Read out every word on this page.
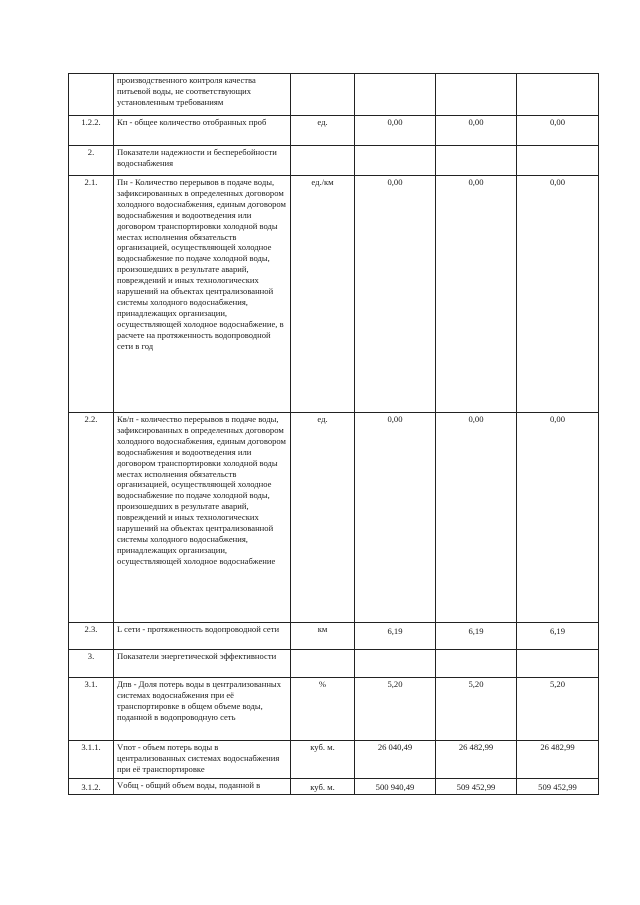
	производственного контроля качества питьевой воды, не соответствующих установленным требованиям				
1.2.2.	Кп - общее количество отобранных проб	ед.	0,00	0,00	0,00
2.	Показатели надежности и бесперебойности водоснабжения				
2.1.	Пн - Количество перерывов в подаче воды, зафиксированных в определенных договором холодного водоснабжения, единым договором водоснабжения и водоотведения или договором транспортировки холодной воды местах исполнения обязательств организацией, осуществляющей холодное водоснабжение по подаче холодной воды, произошедших в результате аварий, повреждений и иных технологических нарушений на объектах централизованной системы холодного водоснабжения, принадлежащих организации, осуществляющей холодное водоснабжение, в расчете на протяженность водопроводной сети в год	ед./км	0,00	0,00	0,00
2.2.	Кв/п - количество перерывов в подаче воды, зафиксированных в определенных договором холодного водоснабжения, единым договором водоснабжения и водоотведения или договором транспортировки холодной воды местах исполнения обязательств организацией, осуществляющей холодное водоснабжение по подаче холодной воды, произошедших в результате аварий, повреждений и иных технологических нарушений на объектах централизованной системы холодного водоснабжения, принадлежащих организации, осуществляющей холодное водоснабжение	ед.	0,00	0,00	0,00
2.3.	L сети - протяженность водопроводной сети	км	6,19	6,19	6,19
3.	Показатели энергетической эффективности				
3.1.	Дпв - Доля потерь воды в централизованных системах водоснабжения при её транспортировке в общем объеме воды, поданной в водопроводную сеть	%	5,20	5,20	5,20
3.1.1.	Vпот - объем потерь воды в централизованных системах водоснабжения при её транспортировке	куб. м.	26 040,49	26 482,99	26 482,99
3.1.2.	Vобщ - общий объем воды, поданной в	куб. м.	500 940,49	509 452,99	509 452,99
